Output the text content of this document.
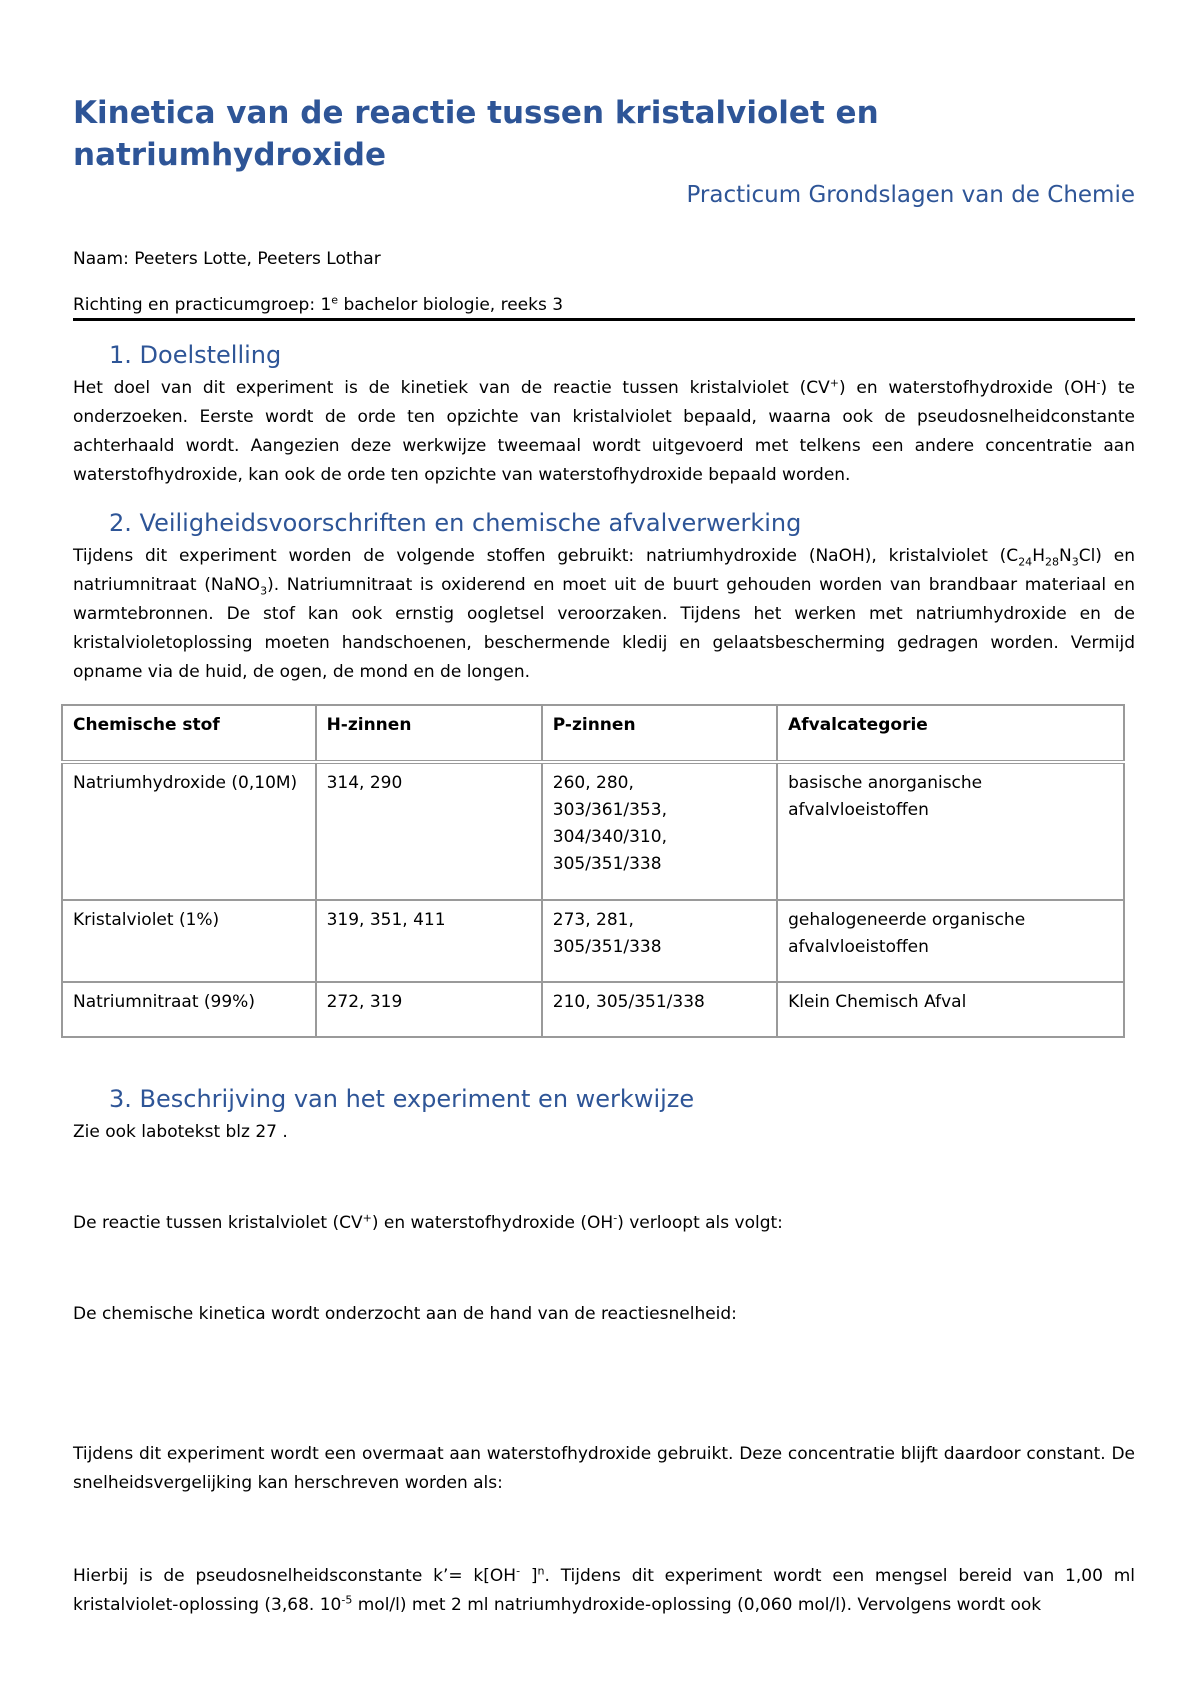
Kinetica van de reactie tussen kristalviolet en natriumhydroxide

Practicum Grondslagen van de Chemie

Naam: Peeters Lotte, Peeters Lothar

Richting en practicumgroep: 1e bachelor biologie, reeks 3

1. Doelstelling

Het doel van dit experiment is de kinetiek van de reactie tussen kristalviolet (CV+) en waterstofhydroxide (OH-) te onderzoeken. Eerste wordt de orde ten opzichte van kristalviolet bepaald, waarna ook de pseudosnelheidconstante achterhaald wordt. Aangezien deze werkwijze tweemaal wordt uitgevoerd met telkens een andere concentratie aan waterstofhydroxide, kan ook de orde ten opzichte van waterstofhydroxide bepaald worden.

2. Veiligheidsvoorschriften en chemische afvalverwerking

Tijdens dit experiment worden de volgende stoffen gebruikt: natriumhydroxide (NaOH), kristalviolet $(C_{24}H_{28}N_3Cl)$ en natriumnitraat (NaNO$_3$). Natriumnitraat is oxiderend en moet uit de buurt gehouden worden van brandbaar materiaal en warmtebronnen. De stof kan ook ernstig oogletsel veroorzaken. Tijdens het werken met natriumhydroxide en de kristalvioletoplossing moeten handschoenen, beschermende kledij en gelaatsbescherming gedragen worden. Vermijd opname via de huid, de ogen, de mond en de longen.

Chemische stof	H-zinnen	P-zinnen	Afvalcategorie
Natriumhydroxide (0,10M)	314, 290	260, 280,
303/361/353,
304/340/310,
305/351/338	basische anorganische
afvalvloeistoffen
Kristalviolet (1%)	319, 351, 411	273, 281,
305/351/338	gehalogeneerde organische
afvalvloeistoffen
Natriumnitraat (99%)	272, 319	210, 305/351/338	Klein Chemisch Afval
3. Beschrijving van het experiment en werkwijze

Zie ook labotekst blz 27 .

De reactie tussen kristalviolet (CV+) en waterstofhydroxide (OH-) verloopt als volgt:

De chemische kinetica wordt onderzocht aan de hand van de reactiesnelheid:

Tijdens dit experiment wordt een overmaat aan waterstofhydroxide gebruikt. Deze concentratie blijft daardoor constant. De snelheidsvergelijking kan herschreven worden als:

Hierbij is de pseudosnelheidsconstante k’= k[OH- ]$^n$. Tijdens dit experiment wordt een mengsel bereid van 1,00 ml kristalviolet-oplossing (3,68. $10^{-5}$ mol/l) met 2 ml natriumhydroxide-oplossing (0,060 mol/l). Vervolgens wordt ook
